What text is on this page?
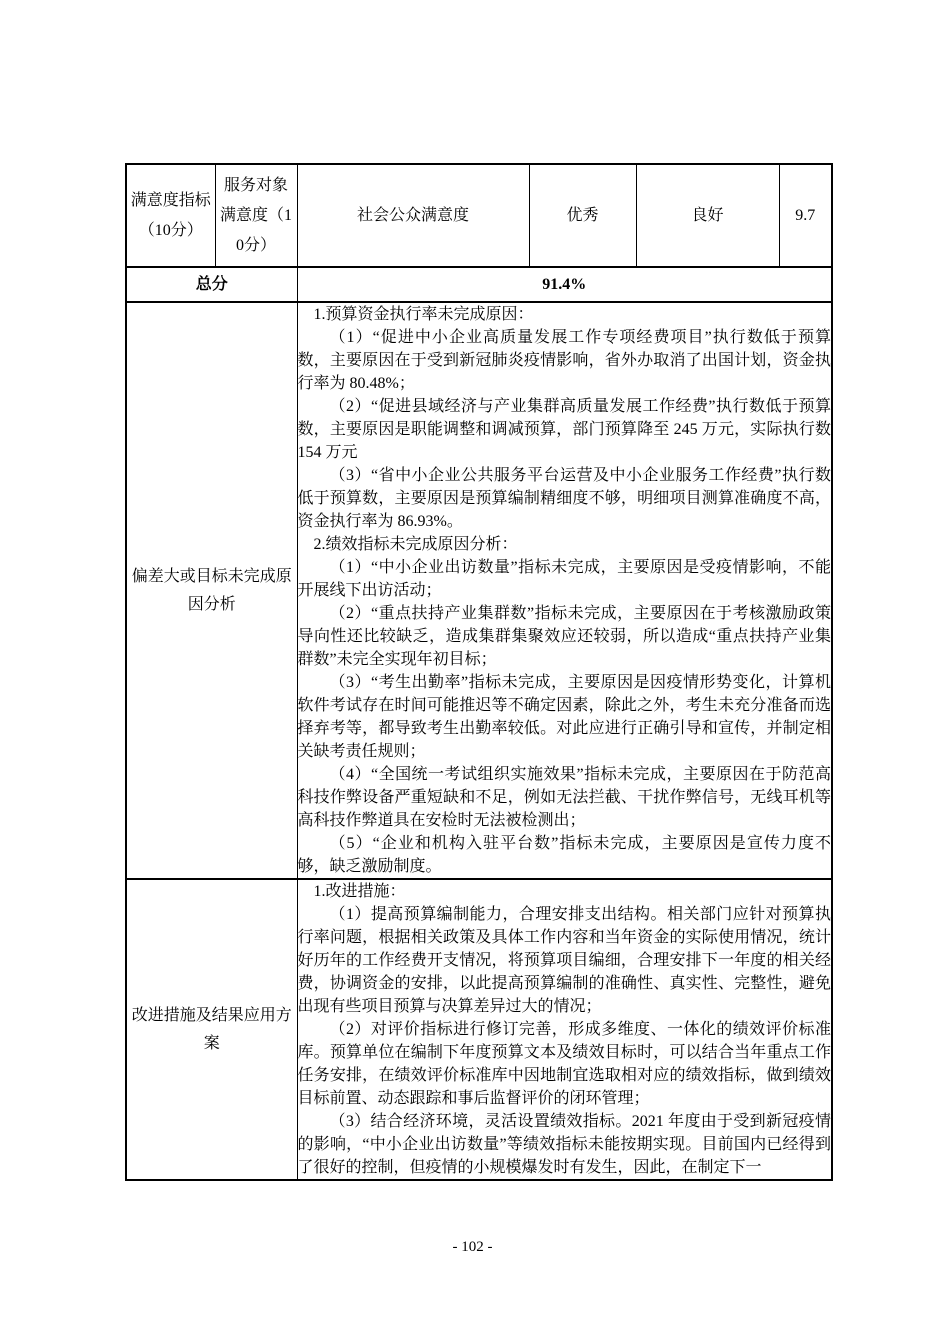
满意度指标（10分）	服务对象满意度（10分）	社会公众满意度	优秀	良好	9.7
总分		91.4%			
偏差大或目标未完成原因分析	

1.预算资金执行率未完成原因：

（1）“促进中小企业高质量发展工作专项经费项目”执行数低于预算数，主要原因在于受到新冠肺炎疫情影响，省外办取消了出国计划，资金执行率为 80.48%；

（2）“促进县域经济与产业集群高质量发展工作经费”执行数低于预算数，主要原因是职能调整和调减预算，部门预算降至 245 万元，实际执行数 154 万元

（3）“省中小企业公共服务平台运营及中小企业服务工作经费”执行数低于预算数，主要原因是预算编制精细度不够，明细项目测算准确度不高，资金执行率为 86.93%。

2.绩效指标未完成原因分析：

（1）“中小企业出访数量”指标未完成，主要原因是受疫情影响，不能开展线下出访活动；

（2）“重点扶持产业集群数”指标未完成，主要原因在于考核激励政策导向性还比较缺乏，造成集群集聚效应还较弱，所以造成“重点扶持产业集群数”未完全实现年初目标；

（3）“考生出勤率”指标未完成，主要原因是因疫情形势变化，计算机软件考试存在时间可能推迟等不确定因素，除此之外，考生未充分准备而选择弃考等，都导致考生出勤率较低。对此应进行正确引导和宣传，并制定相关缺考责任规则；

（4）“全国统一考试组织实施效果”指标未完成，主要原因在于防范高科技作弊设备严重短缺和不足，例如无法拦截、干扰作弊信号，无线耳机等高科技作弊道具在安检时无法被检测出；

（5）“企业和机构入驻平台数”指标未完成，主要原因是宣传力度不够，缺乏激励制度。

改进措施及结果应用方案		1.改进措施：

（1）提高预算编制能力，合理安排支出结构。相关部门应针对预算执行率问题，根据相关政策及具体工作内容和当年资金的实际使用情况，统计好历年的工作经费开支情况，将预算项目编细，合理安排下一年度的相关经费，协调资金的安排，以此提高预算编制的准确性、真实性、完整性，避免出现有些项目预算与决算差异过大的情况；

（2）对评价指标进行修订完善，形成多维度、一体化的绩效评价标准库。预算单位在编制下年度预算文本及绩效目标时，可以结合当年重点工作任务安排，在绩效评价标准库中因地制宜选取相对应的绩效指标，做到绩效目标前置、动态跟踪和事后监督评价的闭环管理；

（3）结合经济环境，灵活设置绩效指标。2021 年度由于受到新冠疫情的影响，“中小企业出访数量”等绩效指标未能按期实现。目前国内已经得到了很好的控制，但疫情的小规模爆发时有发生，因此，在制定下一			

- 102 -
